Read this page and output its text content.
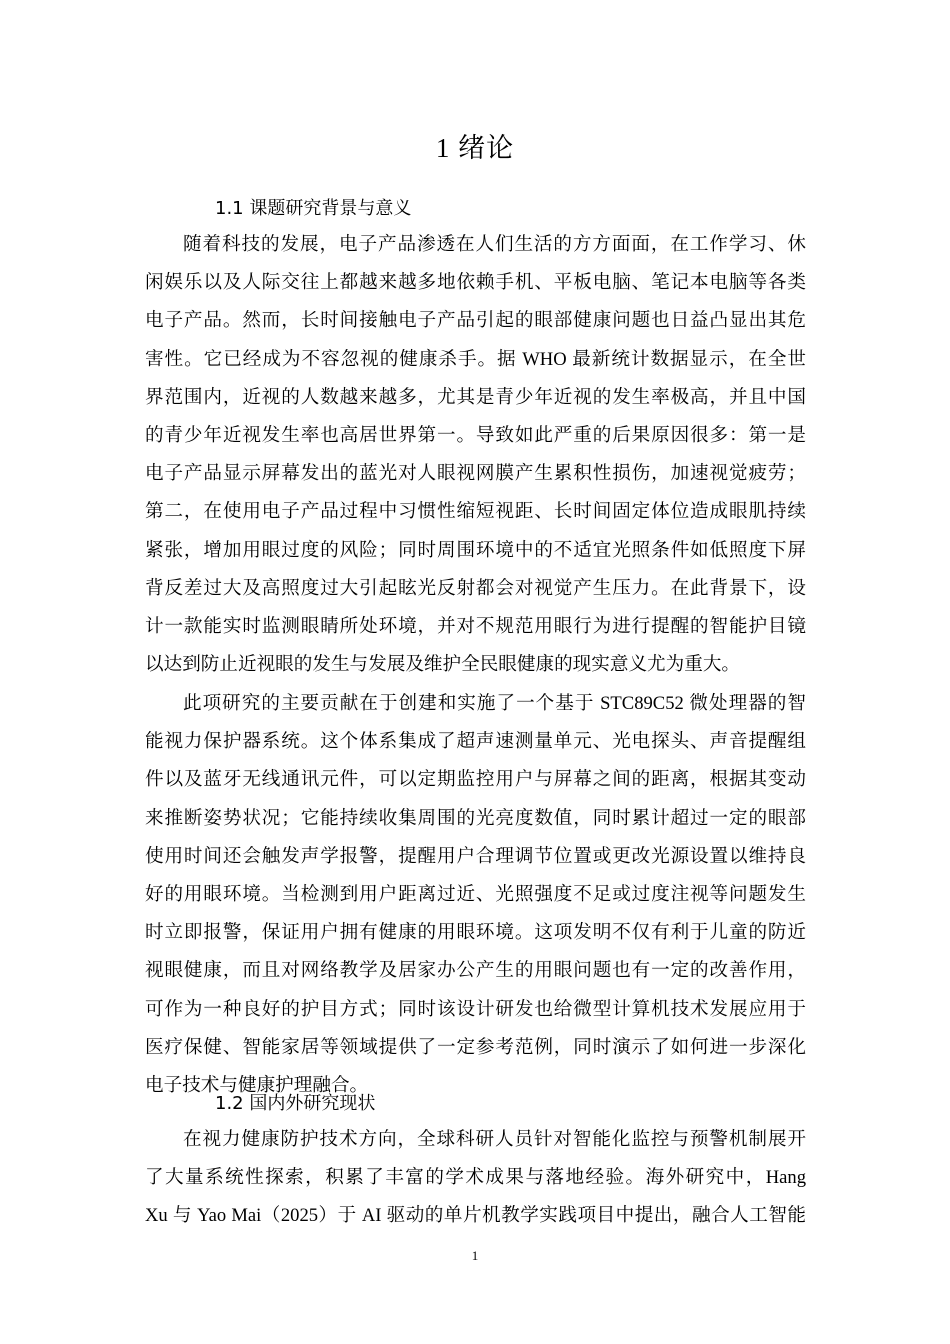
1 绪论
1.1 课题研究背景与意义
随着科技的发展，电子产品渗透在人们生活的方方面面，在工作学习、休
闲娱乐以及人际交往上都越来越多地依赖手机、平板电脑、笔记本电脑等各类
电子产品。然而，长时间接触电子产品引起的眼部健康问题也日益凸显出其危
害性。它已经成为不容忽视的健康杀手。据 WHO 最新统计数据显示，在全世
界范围内，近视的人数越来越多，尤其是青少年近视的发生率极高，并且中国
的青少年近视发生率也高居世界第一。导致如此严重的后果原因很多：第一是
电子产品显示屏幕发出的蓝光对人眼视网膜产生累积性损伤，加速视觉疲劳；
第二，在使用电子产品过程中习惯性缩短视距、长时间固定体位造成眼肌持续
紧张，增加用眼过度的风险；同时周围环境中的不适宜光照条件如低照度下屏
背反差过大及高照度过大引起眩光反射都会对视觉产生压力。在此背景下，设
计一款能实时监测眼睛所处环境，并对不规范用眼行为进行提醒的智能护目镜
以达到防止近视眼的发生与发展及维护全民眼健康的现实意义尤为重大。
此项研究的主要贡献在于创建和实施了一个基于 STC89C52 微处理器的智
能视力保护器系统。这个体系集成了超声速测量单元、光电探头、声音提醒组
件以及蓝牙无线通讯元件，可以定期监控用户与屏幕之间的距离，根据其变动
来推断姿势状况；它能持续收集周围的光亮度数值，同时累计超过一定的眼部
使用时间还会触发声学报警，提醒用户合理调节位置或更改光源设置以维持良
好的用眼环境。当检测到用户距离过近、光照强度不足或过度注视等问题发生
时立即报警，保证用户拥有健康的用眼环境。这项发明不仅有利于儿童的防近
视眼健康，而且对网络教学及居家办公产生的用眼问题也有一定的改善作用，
可作为一种良好的护目方式；同时该设计研发也给微型计算机技术发展应用于
医疗保健、智能家居等领域提供了一定参考范例，同时演示了如何进一步深化
电子技术与健康护理融合。
1.2 国内外研究现状
在视力健康防护技术方向，全球科研人员针对智能化监控与预警机制展开
了大量系统性探索，积累了丰富的学术成果与落地经验。海外研究中，Hang
Xu 与 Yao Mai（2025）于 AI 驱动的单片机教学实践项目中提出，融合人工智能

1
